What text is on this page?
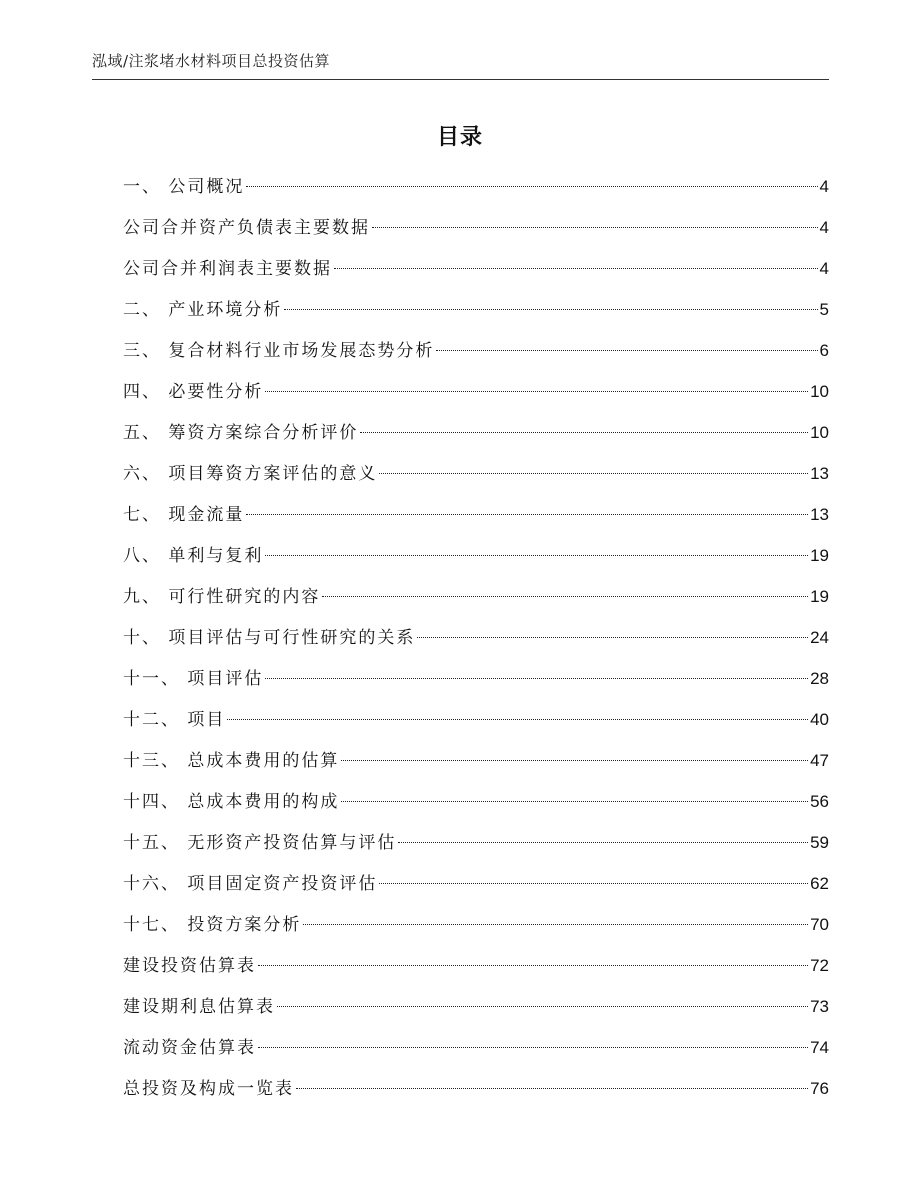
泓域/注浆堵水材料项目总投资估算
目录
一、 公司概况	4
公司合并资产负债表主要数据	4
公司合并利润表主要数据	4
二、 产业环境分析	5
三、 复合材料行业市场发展态势分析	6
四、 必要性分析	10
五、 筹资方案综合分析评价	10
六、 项目筹资方案评估的意义	13
七、 现金流量	13
八、 单利与复利	19
九、 可行性研究的内容	19
十、 项目评估与可行性研究的关系	24
十一、 项目评估	28
十二、 项目	40
十三、 总成本费用的估算	47
十四、 总成本费用的构成	56
十五、 无形资产投资估算与评估	59
十六、 项目固定资产投资评估	62
十七、 投资方案分析	70
建设投资估算表	72
建设期利息估算表	73
流动资金估算表	74
总投资及构成一览表	76
